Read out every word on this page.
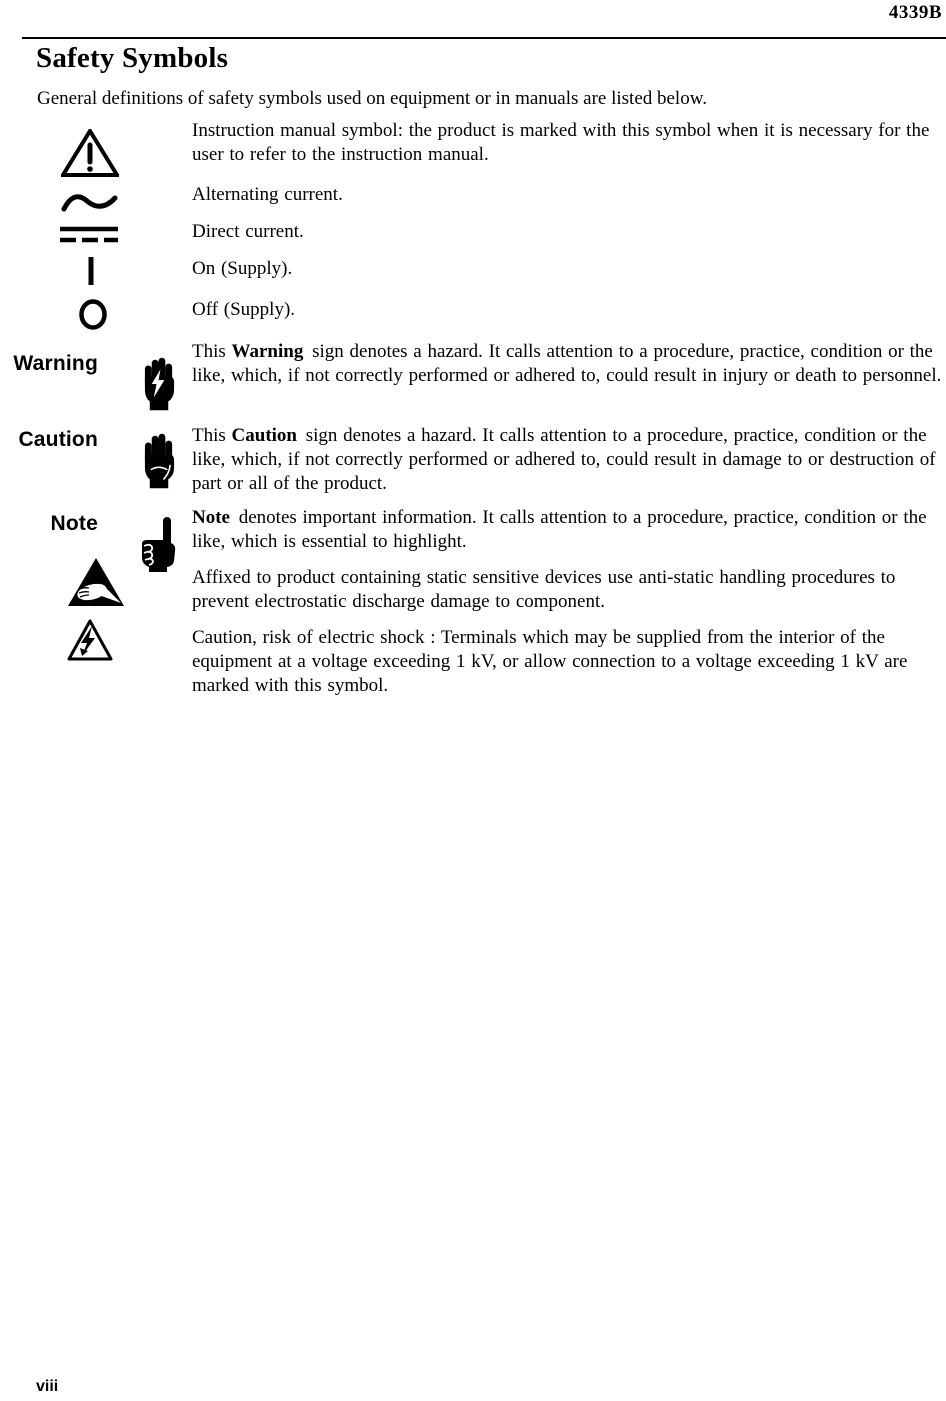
4339B
Safety Symbols

General definitions of safety symbols used on equipment or in manuals are listed below.

Instruction manual symbol: the product is marked with this symbol when it is necessary for the user to refer to the instruction manual.
Alternating current.
Direct current.
On (Supply).
Off (Supply).
Warning
This Warning sign denotes a hazard. It calls attention to a procedure, practice, condition or the like, which, if not correctly performed or adhered to, could result in injury or death to personnel.
Caution	This Caution sign denotes a hazard. It calls attention to a procedure, practice, condition or the like, which, if not correctly performed or adhered to, could result in damage to or destruction of part or all of the product.
Note	Note denotes important information. It calls attention to a procedure, practice, condition or the like, which is essential to highlight.
Affixed to product containing static sensitive devices use anti-static handling procedures to prevent electrostatic discharge damage to component.
Caution, risk of electric shock : Terminals which may be supplied from the interior of the equipment at a voltage exceeding 1 kV, or allow connection to a voltage exceeding 1 kV are marked with this symbol.
viii
